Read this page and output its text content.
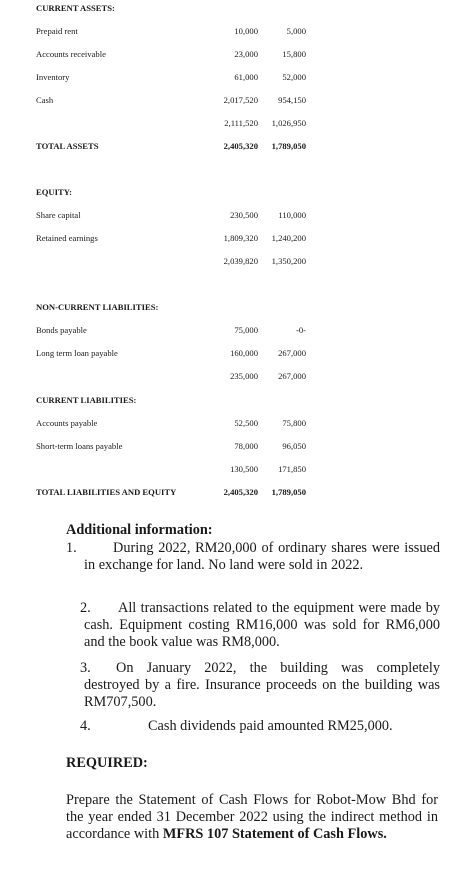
CURRENT ASSETS:
Prepaid rent	10,000	5,000
Accounts receivable	23,000	15,800
Inventory	61,000	52,000
Cash	2,017,520	954,150
2,111,520	1,026,950
TOTAL ASSETS	2,405,320	1,789,050
EQUITY:
Share capital	230,500	110,000
Retained earnings	1,809,320	1,240,200
2,039,820	1,350,200
NON-CURRENT LIABILITIES:
Bonds payable	75,000	-0-
Long term loan payable	160,000	267,000
235,000	267,000
CURRENT LIABILITIES:
Accounts payable	52,500	75,800
Short-term loans payable	78,000	96,050
130,500	171,850
TOTAL LIABILITIES AND EQUITY	2,405,320	1,789,050
Additional information:
1.	During 2022, RM20,000 of ordinary shares were issued in exchange for land. No land were sold in 2022.
2.	All transactions related to the equipment were made by cash. Equipment costing RM16,000 was sold for RM6,000 and the book value was RM8,000.
3.	On January 2022, the building was completely destroyed by a fire. Insurance proceeds on the building was RM707,500.
4.	Cash dividends paid amounted RM25,000.
REQUIRED:
Prepare the Statement of Cash Flows for Robot-Mow Bhd for the year ended 31 December 2022 using the indirect method in accordance with MFRS 107 Statement of Cash Flows.
